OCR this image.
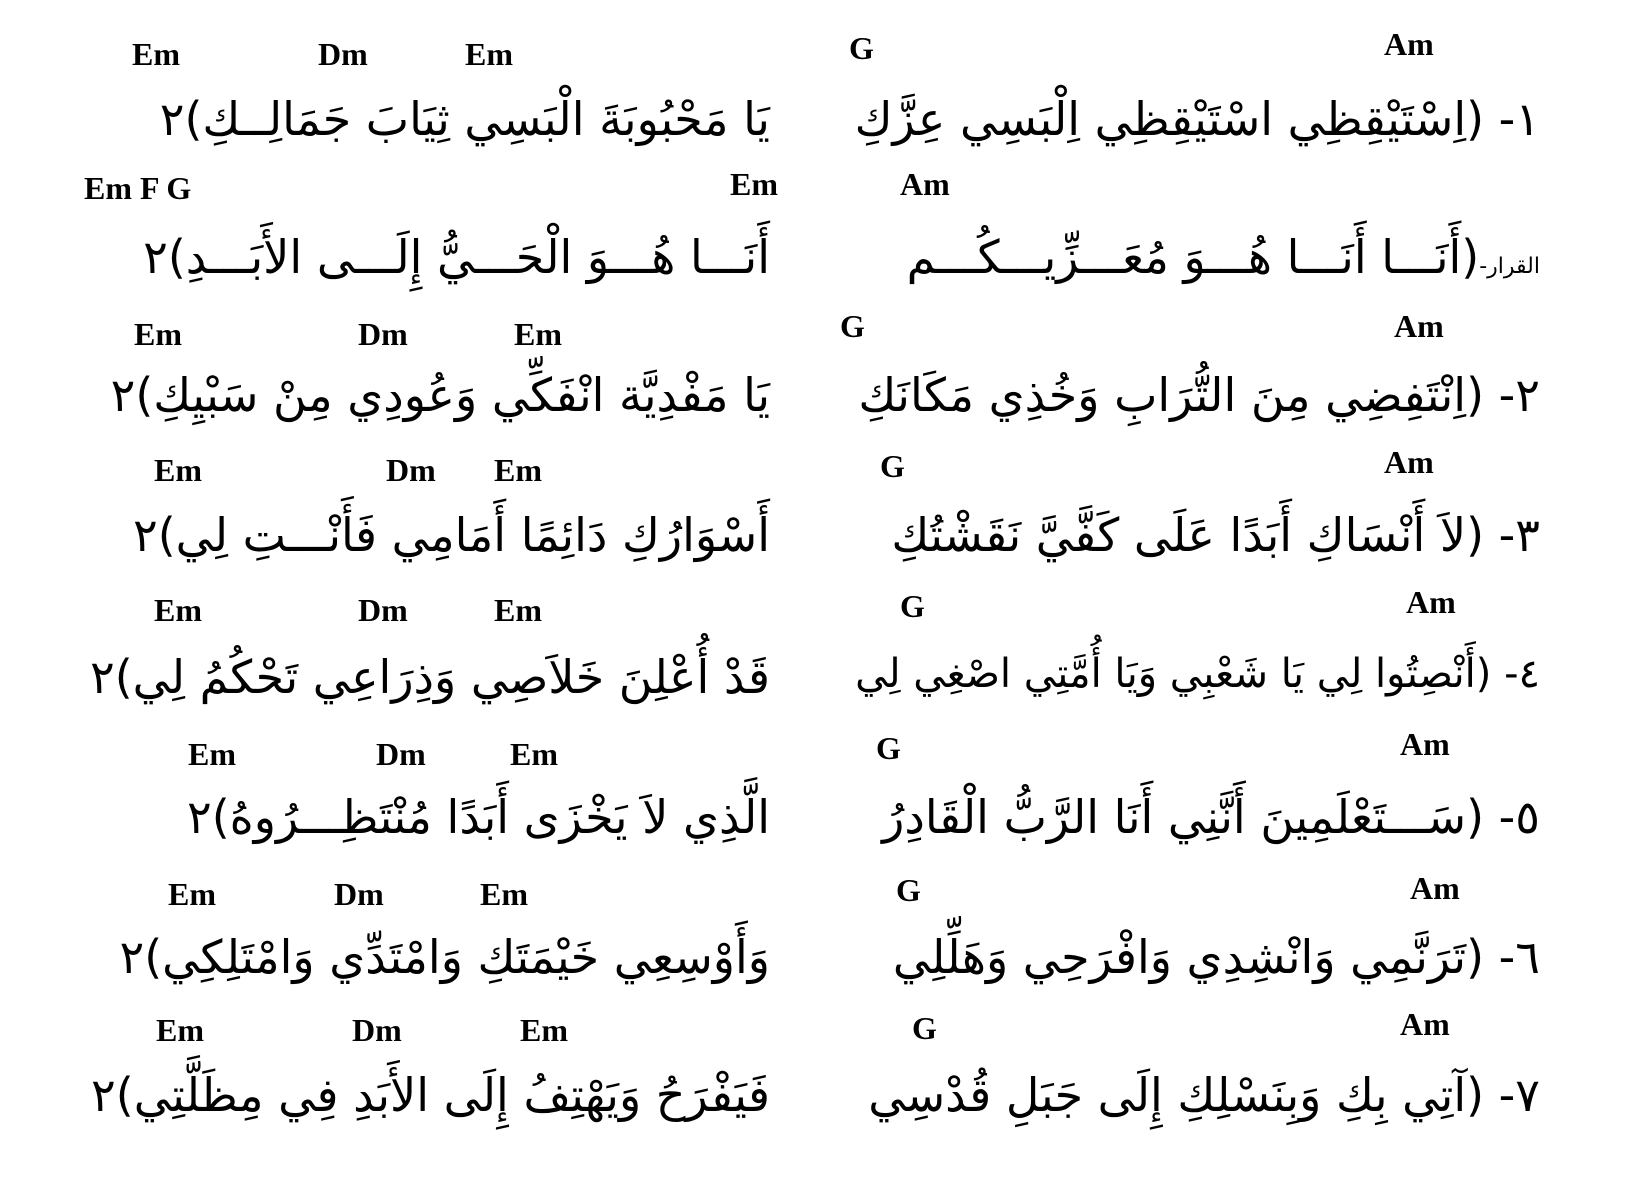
G	Am
Em	Dm	Em
١- (اِسْتَيْقِظِي اسْتَيْقِظِي اِلْبَسِي عِزَّكِ
يَا مَحْبُوبَةَ الْبَسِي ثِيَابَ جَمَالِــكِ)٢
Am
Em F G	Em
القرار-(أَنَـــا أَنَـــا هُـــوَ مُعَـــزِّيـــكُـــم
أَنَـــا هُـــوَ الْحَـــيُّ إِلَـــى الأَبَـــدِ)٢
G	Am
Em	Dm	Em
٢- (اِنْتَفِضِي مِنَ التُّرَابِ وَخُذِي مَكَانَكِ
يَا مَفْدِيَّة انْفَكِّي وَعُودِي مِنْ سَبْيِكِ)٢
G	Am
Em	Dm Em
٣- (لاَ أَنْسَاكِ أَبَدًا عَلَى كَفَّيَّ نَقَشْتُكِ
أَسْوَارُكِ دَائِمًا أَمَامِي فَأَنْـــتِ لِي)٢
G	Am
Em	Dm	Em
٤- (أَنْصِتُوا لِي يَا شَعْبِي وَيَا أُمَّتِي اصْغِي لِي
قَدْ أُعْلِنَ خَلاَصِي وَذِرَاعِي تَحْكُمُ لِي)٢
G	Am
Em	Dm	Em
٥- (سَـــتَعْلَمِينَ أَنَّنِي أَنَا الرَّبُّ الْقَادِرُ
الَّذِي لاَ يَخْزَى أَبَدًا مُنْتَظِـــرُوهُ)٢
G	Am
Em	Dm	Em
٦- (تَرَنَّمِي وَانْشِدِي وَافْرَحِي وَهَلِّلِي
وَأَوْسِعِي خَيْمَتَكِ وَامْتَدِّي وَامْتَلِكِي)٢
G	Am
Em	Dm	Em
٧- (آتِي بِكِ وَبِنَسْلِكِ إِلَى جَبَلِ قُدْسِي
فَيَفْرَحُ وَيَهْتِفُ إِلَى الأَبَدِ فِي مِظَلَّتِي)٢
